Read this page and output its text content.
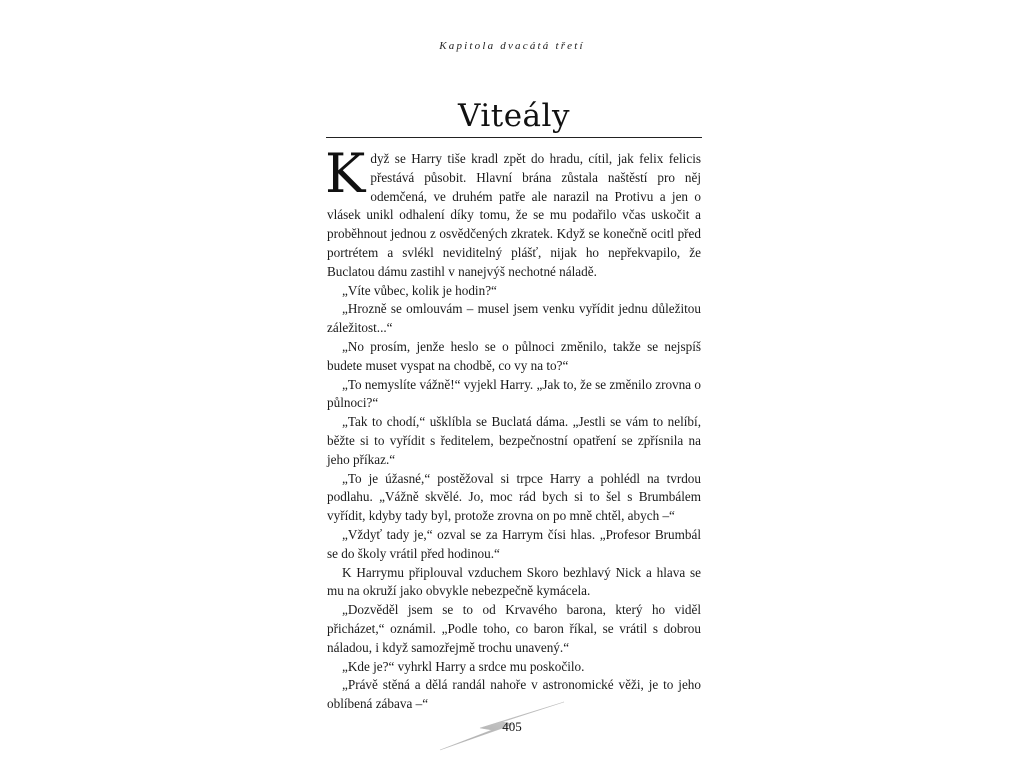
Kapitola dvacátá třetí
Viteály

Když se Harry tiše kradl zpět do hradu, cítil, jak felix felicis přestává působit. Hlavní brána zůstala naštěstí pro něj odemčená, ve druhém patře ale narazil na Protivu a jen o vlásek unikl odhalení díky tomu, že se mu podařilo včas uskočit a proběhnout jednou z osvědčených zkratek. Když se konečně ocitl před portrétem a svlékl neviditelný plášť, nijak ho nepřekvapilo, že Buclatou dámu zastihl v nanejvýš nechotné náladě.

„Víte vůbec, kolik je hodin?“

„Hrozně se omlouvám – musel jsem venku vyřídit jednu důležitou záležitost...“

„No prosím, jenže heslo se o půlnoci změnilo, takže se nejspíš budete muset vyspat na chodbě, co vy na to?“

„To nemyslíte vážně!“ vyjekl Harry. „Jak to, že se změnilo zrovna o půlnoci?“

„Tak to chodí,“ ušklíbla se Buclatá dáma. „Jestli se vám to nelíbí, běžte si to vyřídit s ředitelem, bezpečnostní opatření se zpřísnila na jeho příkaz.“

„To je úžasné,“ postěžoval si trpce Harry a pohlédl na tvrdou podlahu. „Vážně skvělé. Jo, moc rád bych si to šel s Brumbálem vyřídit, kdyby tady byl, protože zrovna on po mně chtěl, abych –“

„Vždyť tady je,“ ozval se za Harrym čísi hlas. „Profesor Brumbál se do školy vrátil před hodinou.“

K Harrymu připlouval vzduchem Skoro bezhlavý Nick a hlava se mu na okruží jako obvykle nebezpečně kymácela.

„Dozvěděl jsem se to od Krvavého barona, který ho viděl přicházet,“ oznámil. „Podle toho, co baron říkal, se vrátil s dobrou náladou, i když samozřejmě trochu unavený.“

„Kde je?“ vyhrkl Harry a srdce mu poskočilo.

„Právě stěná a dělá randál nahoře v astronomické věži, je to jeho oblíbená zábava –“

405
